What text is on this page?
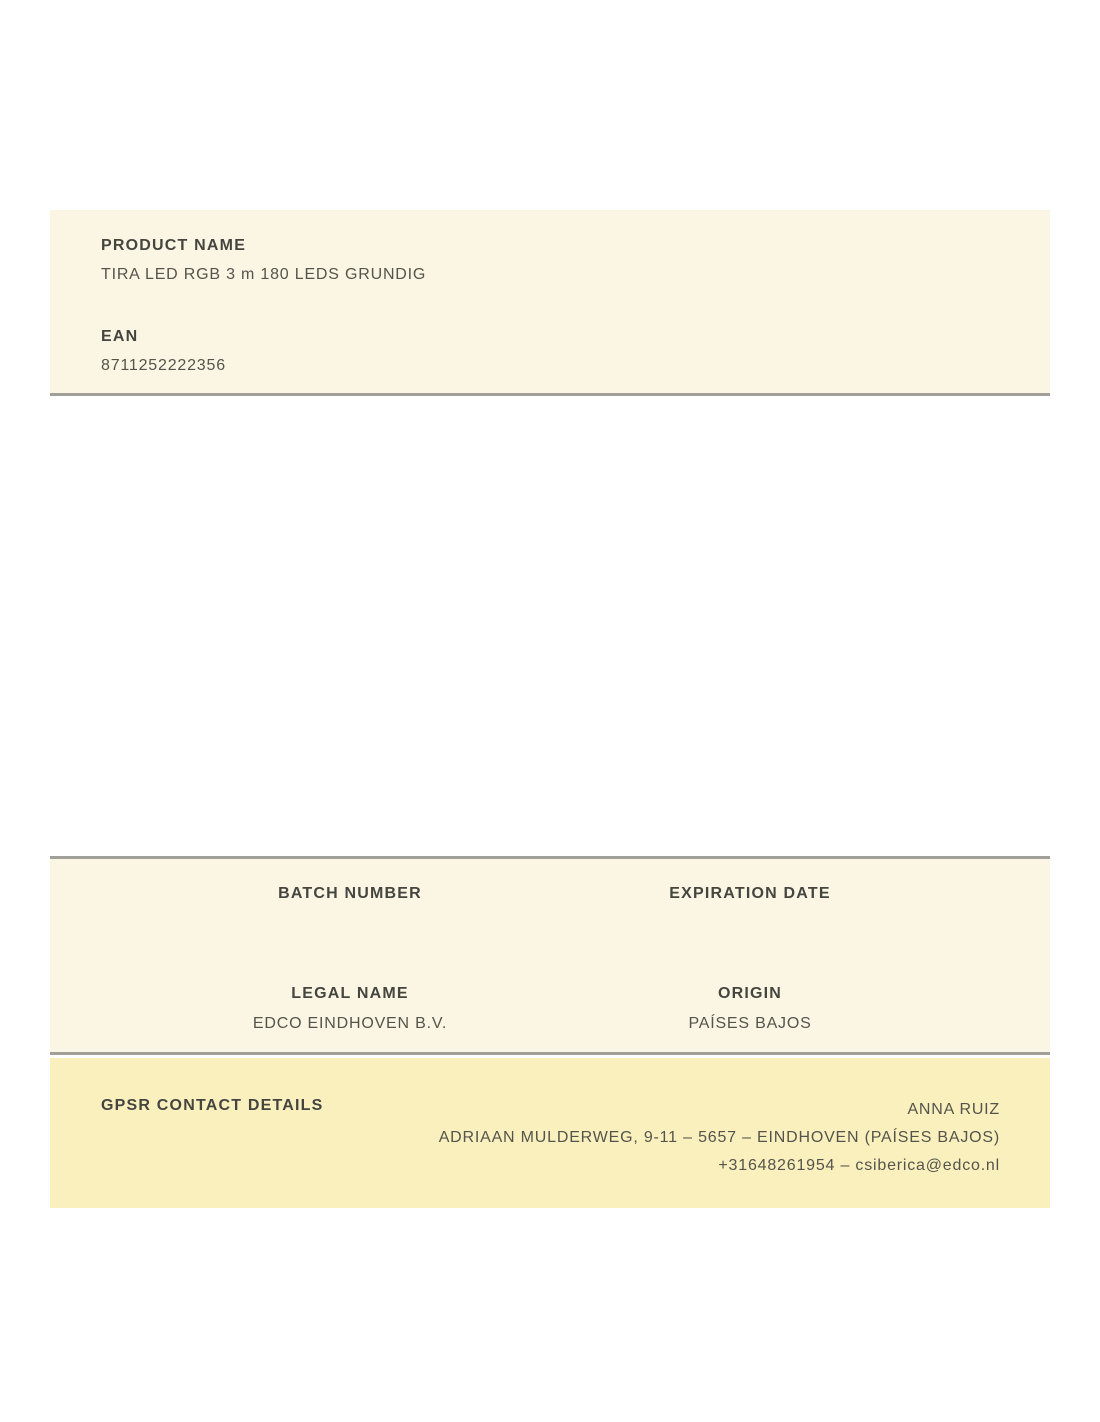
PRODUCT NAME
TIRA LED RGB 3 m 180 LEDS GRUNDIG
EAN
8711252222356
BATCH NUMBER	EXPIRATION DATE
LEGAL NAME
EDCO EINDHOVEN B.V.
ORIGIN
PAÍSES BAJOS
GPSR CONTACT DETAILS	ANNA RUIZ
ADRIAAN MULDERWEG, 9-11 – 5657 – EINDHOVEN (PAÍSES BAJOS)
+31648261954 – csiberica@edco.nl
